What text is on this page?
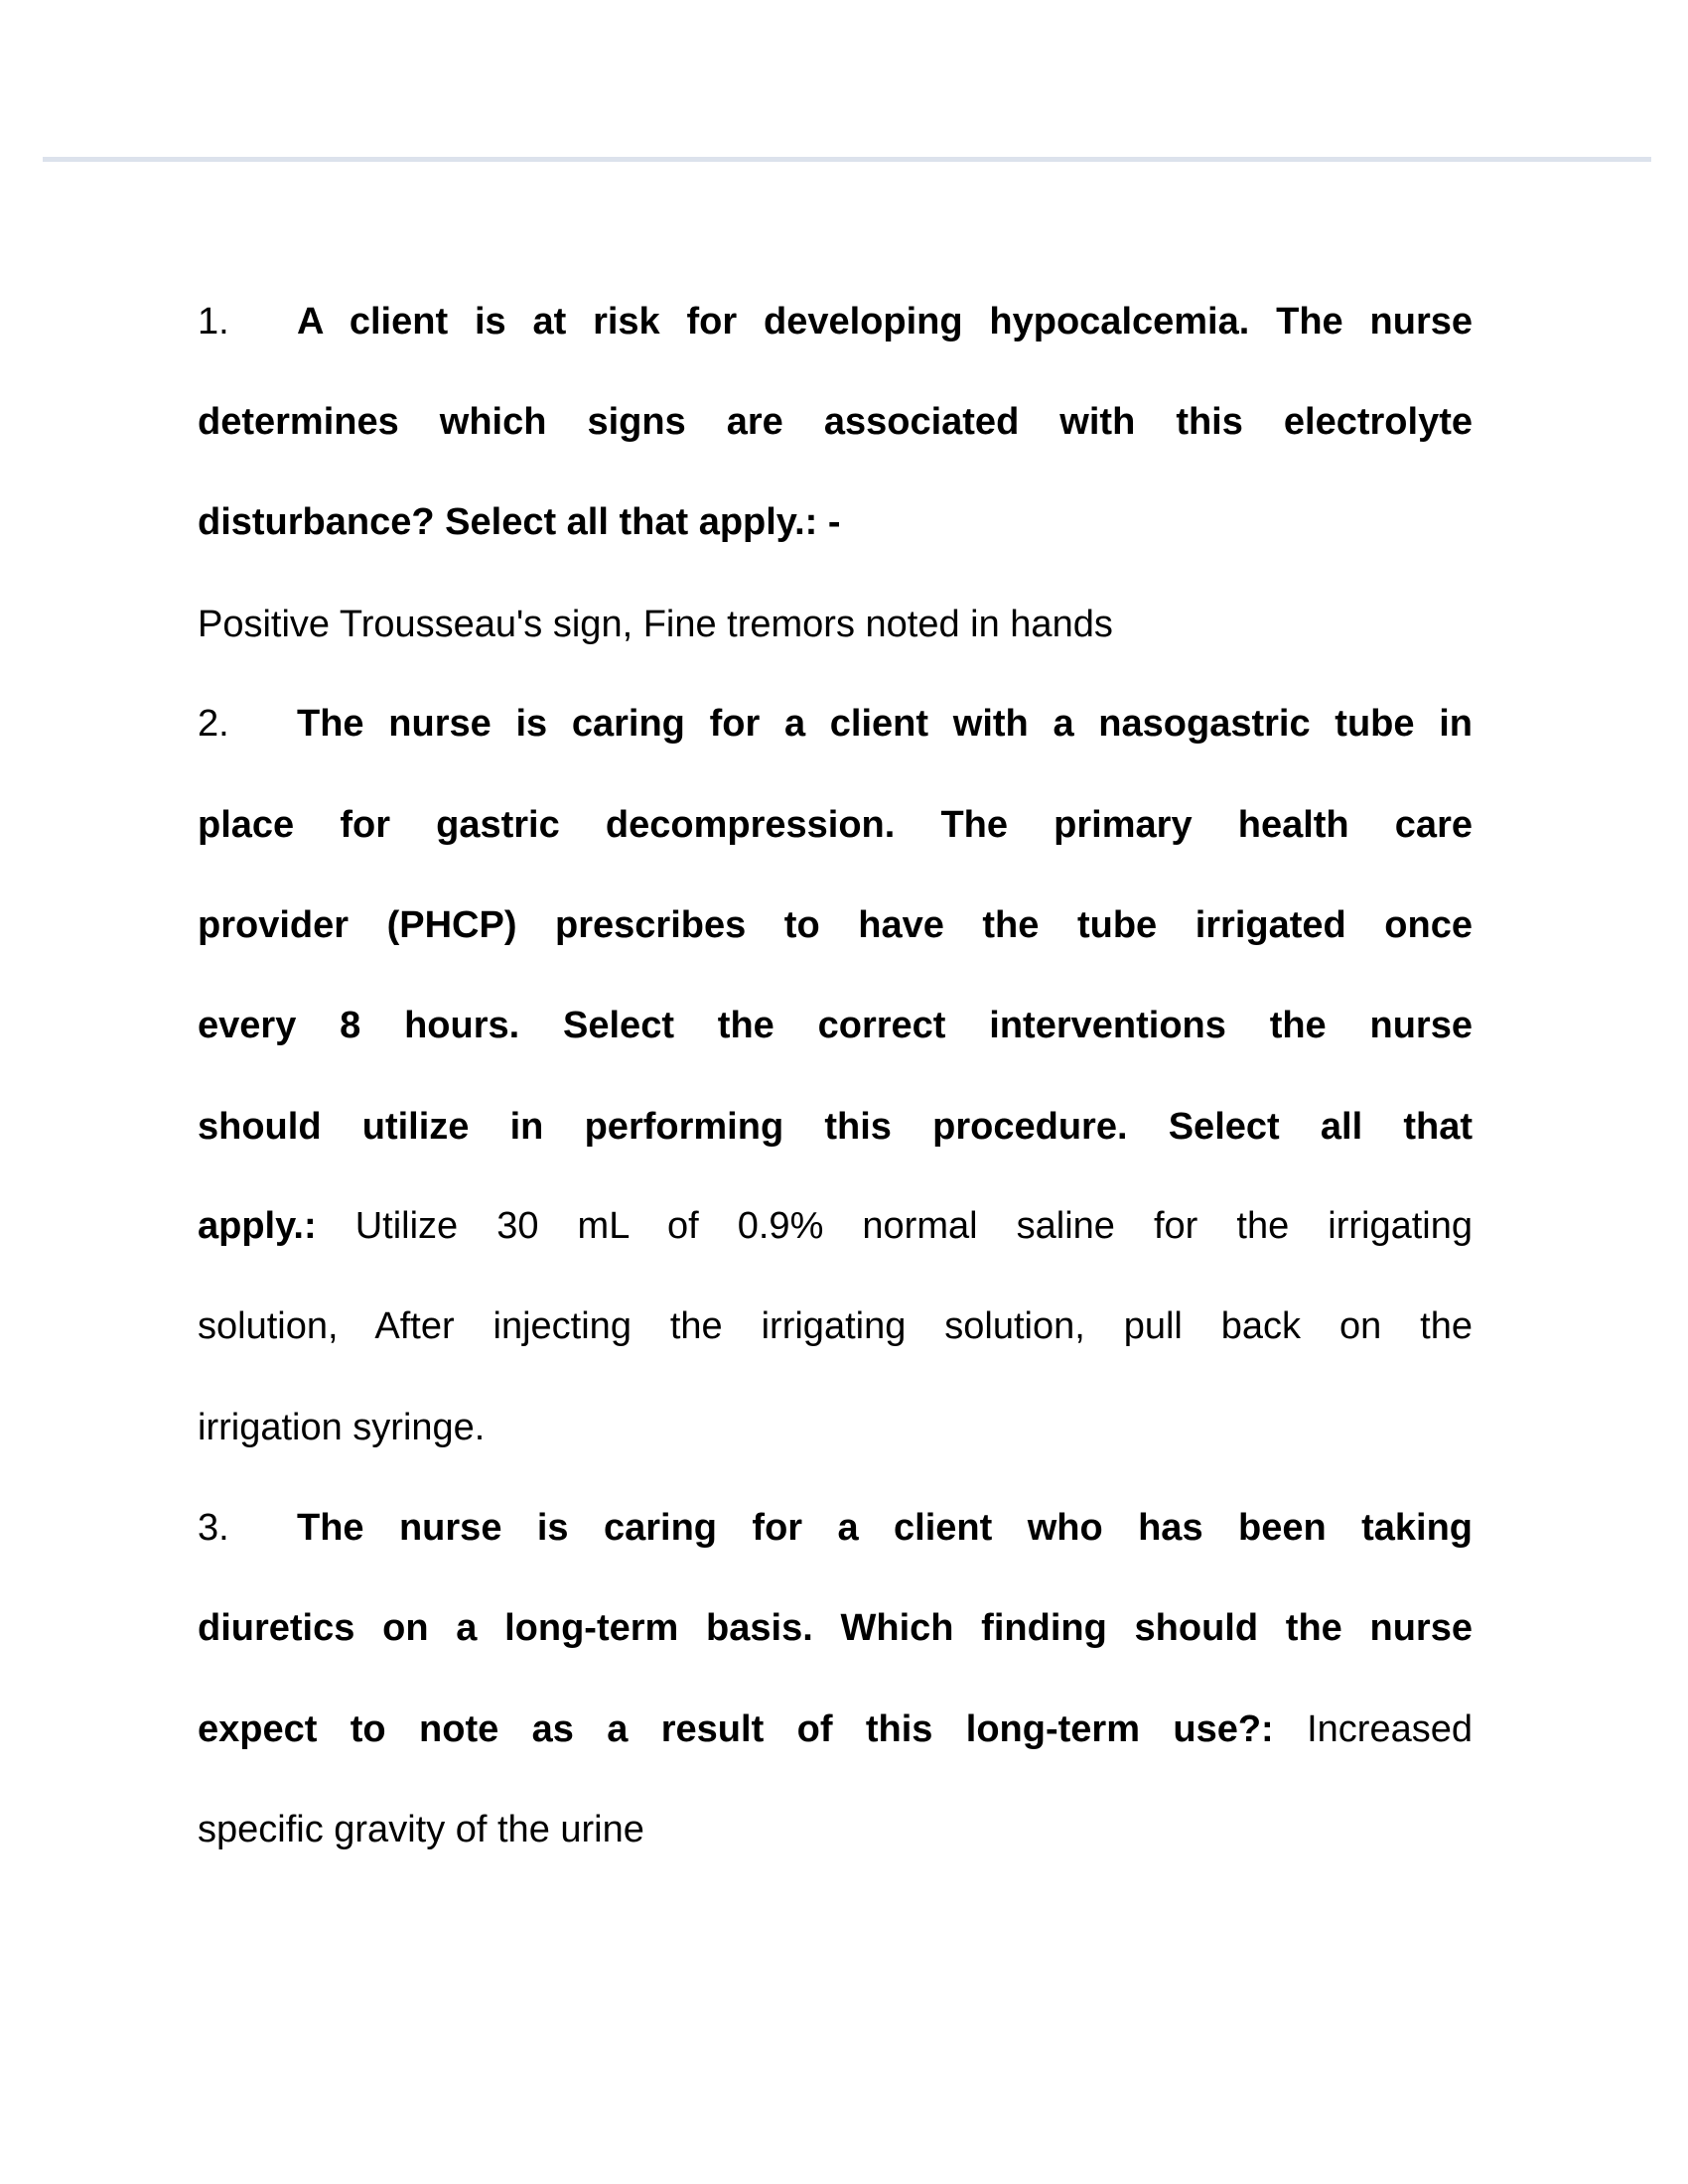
1. A client is at risk for developing hypocalcemia. The nurse
determines which signs are associated with this electrolyte
disturbance? Select all that apply.: -
Positive Trousseau's sign, Fine tremors noted in hands
2. The nurse is caring for a client with a nasogastric tube in
place for gastric decompression. The primary health care
provider (PHCP) prescribes to have the tube irrigated once
every 8 hours. Select the correct interventions the nurse
should utilize in performing this procedure. Select all that
apply.: Utilize 30 mL of 0.9% normal saline for the irrigating
solution, After injecting the irrigating solution, pull back on the
irrigation syringe.
3. The nurse is caring for a client who has been taking
diuretics on a long-term basis. Which finding should the nurse
expect to note as a result of this long-term use?: Increased
specific gravity of the urine
